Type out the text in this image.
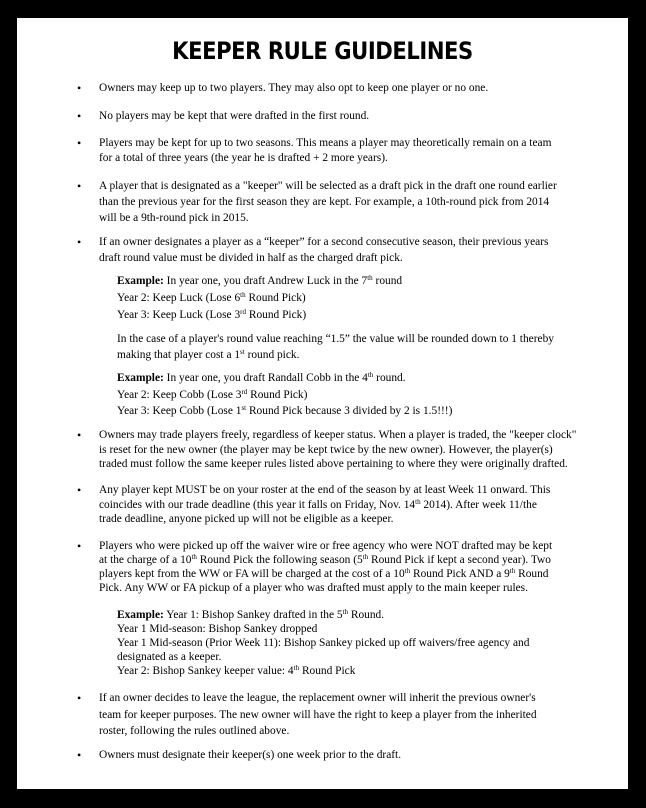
KEEPER RULE GUIDELINES
• Owners may keep up to two players. They may also opt to keep one player or no one.
• No players may be kept that were drafted in the first round.
• Players may be kept for up to two seasons. This means a player may theoretically remain on a team
for a total of three years (the year he is drafted + 2 more years).
• A player that is designated as a "keeper" will be selected as a draft pick in the draft one round earlier
than the previous year for the first season they are kept. For example, a 10th-round pick from 2014
will be a 9th-round pick in 2015.
• If an owner designates a player as a “keeper” for a second consecutive season, their previous years
draft round value must be divided in half as the charged draft pick.
Example: In year one, you draft Andrew Luck in the 7th round
Year 2: Keep Luck (Lose 6th Round Pick)
Year 3: Keep Luck (Lose 3rd Round Pick)
In the case of a player's round value reaching “1.5” the value will be rounded down to 1 thereby
making that player cost a 1st round pick.
Example: In year one, you draft Randall Cobb in the 4th round.
Year 2: Keep Cobb (Lose 3rd Round Pick)
Year 3: Keep Cobb (Lose 1st Round Pick because 3 divided by 2 is 1.5!!!)
• Owners may trade players freely, regardless of keeper status. When a player is traded, the "keeper clock"
is reset for the new owner (the player may be kept twice by the new owner). However, the player(s)
traded must follow the same keeper rules listed above pertaining to where they were originally drafted.
• Any player kept MUST be on your roster at the end of the season by at least Week 11 onward. This
coincides with our trade deadline (this year it falls on Friday, Nov. 14th 2014). After week 11/the
trade deadline, anyone picked up will not be eligible as a keeper.
• Players who were picked up off the waiver wire or free agency who were NOT drafted may be kept
at the charge of a 10th Round Pick the following season (5th Round Pick if kept a second year). Two
players kept from the WW or FA will be charged at the cost of a 10th Round Pick AND a 9th Round
Pick. Any WW or FA pickup of a player who was drafted must apply to the main keeper rules.
Example: Year 1: Bishop Sankey drafted in the 5th Round.
Year 1 Mid-season: Bishop Sankey dropped
Year 1 Mid-season (Prior Week 11): Bishop Sankey picked up off waivers/free agency and
designated as a keeper.
Year 2: Bishop Sankey keeper value: 4th Round Pick
• If an owner decides to leave the league, the replacement owner will inherit the previous owner's
team for keeper purposes. The new owner will have the right to keep a player from the inherited
roster, following the rules outlined above.
• Owners must designate their keeper(s) one week prior to the draft.
